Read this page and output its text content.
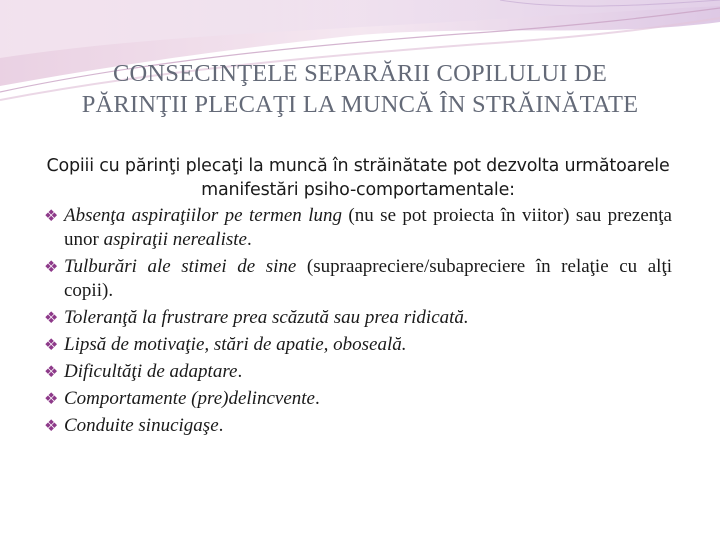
CONSECINŢELE SEPARĂRII COPILULUI DE
PĂRINŢII PLECAŢI LA MUNCĂ ÎN STRĂINĂTATE
Copiii cu părinţi plecaţi la muncă în străinătate pot dezvolta următoarele manifestări psiho-comportamentale:
❖ Absenţa aspiraţiilor pe termen lung (nu se pot proiecta în viitor) sau prezenţa unor aspiraţii nerealiste.
❖ Tulburări ale stimei de sine (supraapreciere/subapreciere în relaţie cu alţi copii).
❖ Toleranţă la frustrare prea scăzută sau prea ridicată.
❖ Lipsă de motivaţie, stări de apatie, oboseală.
❖ Dificultăţi de adaptare.
❖ Comportamente (pre)delincvente.
❖ Conduite sinucigaşe.
